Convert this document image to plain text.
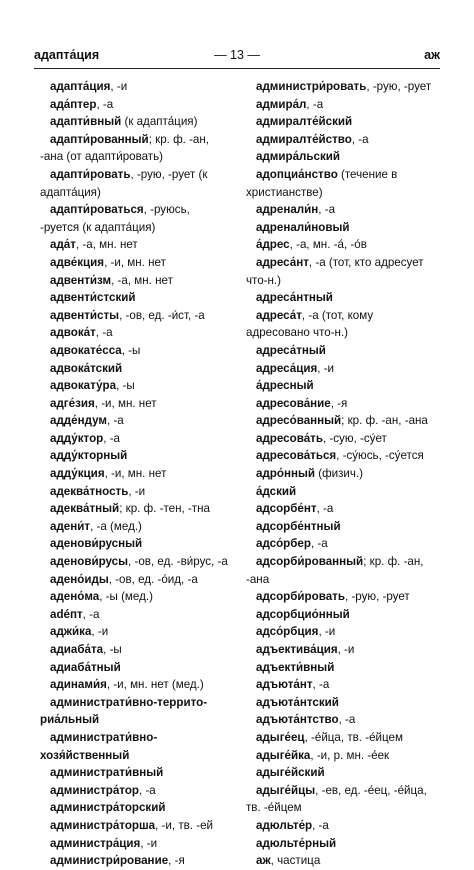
адапта́ция	— 13 —	аж
адапта́ция, -и
ада́птер, -а
адапти́вный (к адапта́ция)
адапти́рованный; кр. ф. -ан, -ана (от адапти́ровать)
адапти́ровать, -рую, -рует (к адапта́ция)
адапти́роваться, -руюсь, -руется (к адапта́ция)
ада́т, -а, мн. нет
адве́кция, -и, мн. нет
адвенти́зм, -а, мн. нет
адвенти́стский
адвенти́сты, -ов, ед. -и́ст, -а
адвока́т, -а
адвокате́сса, -ы
адвока́тский
адвокату́ра, -ы
адге́зия, -и, мн. нет
адде́ндум, -а
адду́ктор, -а
адду́кторный
адду́кция, -и, мн. нет
адеква́тность, -и
адеква́тный; кр. ф. -тен, -тна
адени́т, -а (мед.)
аденови́русный
аденови́русы, -ов, ед. -ви́рус, -а
адено́иды, -ов, ед. -о́ид, -а
адено́ма, -ы (мед.)
adéпт, -а
аджи́ка, -и
адиаба́та, -ы
адиаба́тный
адинами́я, -и, мн. нет (мед.)
администрати́вно-террито-риа́льный
администрати́вно-хозя́йственный
администрати́вный
администра́тор, -а
администра́торский
администра́торша, -и, тв. -ей
администра́ция, -и
администри́рование, -я
администри́ровать, -рую, -рует
адмира́л, -а
адмиралте́йский
адмиралте́йство, -а
адмира́льский
адопциа́нство (течение в христианстве)
адренали́н, -а
адренали́новый
а́дрес, -а, мн. -а́, -о́в
адреса́нт, -а (тот, кто адресует что-н.)
адреса́нтный
адреса́т, -а (тот, кому адресовано что-н.)
адреса́тный
адреса́ция, -и
а́дресный
адресова́ние, -я
адресо́ванный; кр. ф. -ан, -ана
адресова́ть, -сую, -су́ет
адресова́ться, -су́юсь, -су́ется
адро́нный (физич.)
а́дский
адсорбе́нт, -а
адсорбе́нтный
адсо́рбер, -а
адсорби́рованный; кр. ф. -ан, -ана
адсорби́ровать, -рую, -рует
адсорбцио́нный
адсо́рбция, -и
адъектива́ция, -и
адъекти́вный
адъюта́нт, -а
адъюта́нтский
адъюта́нтство, -а
адыге́ец, -е́йца, тв. -е́йцем
адыге́йка, -и, р. мн. -е́ек
адыге́йский
адыге́йцы, -ев, ед. -е́ец, -е́йца, тв. -е́йцем
адюльте́р, -а
адюльте́рный
аж, частица
